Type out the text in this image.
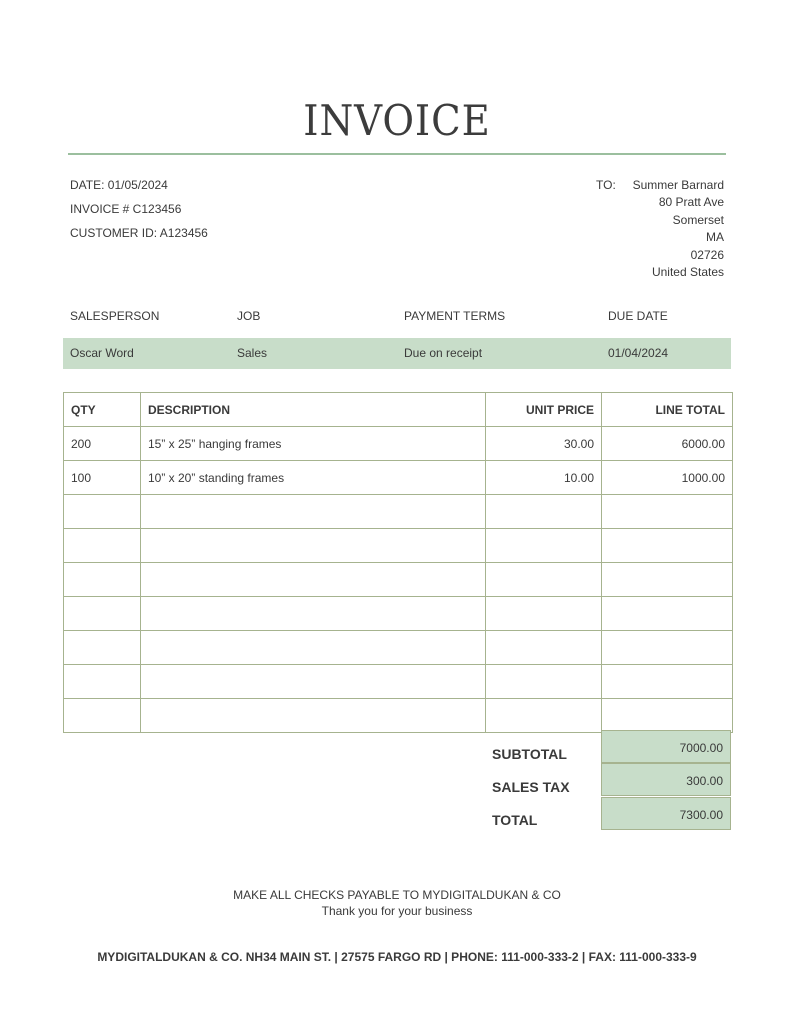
INVOICE
DATE: 01/05/2024
INVOICE # C123456
CUSTOMER ID: A123456
TO: Summer Barnard
80 Pratt Ave
Somerset
MA
02726
United States
SALESPERSON	JOB	PAYMENT TERMS	DUE DATE
Oscar Word	Sales	Due on receipt	01/04/2024
QTY	DESCRIPTION	UNIT PRICE	LINE TOTAL
200	15” x 25” hanging frames	30.00	6000.00
100	10” x 20” standing frames	10.00	1000.00

SUBTOTAL	7000.00
SALES TAX	300.00
TOTAL	7300.00
MAKE ALL CHECKS PAYABLE TO MYDIGITALDUKAN & CO
Thank you for your business
MYDIGITALDUKAN & CO. NH34 MAIN ST. | 27575 FARGO RD | PHONE: 111-000-333-2 | FAX: 111-000-333-9
